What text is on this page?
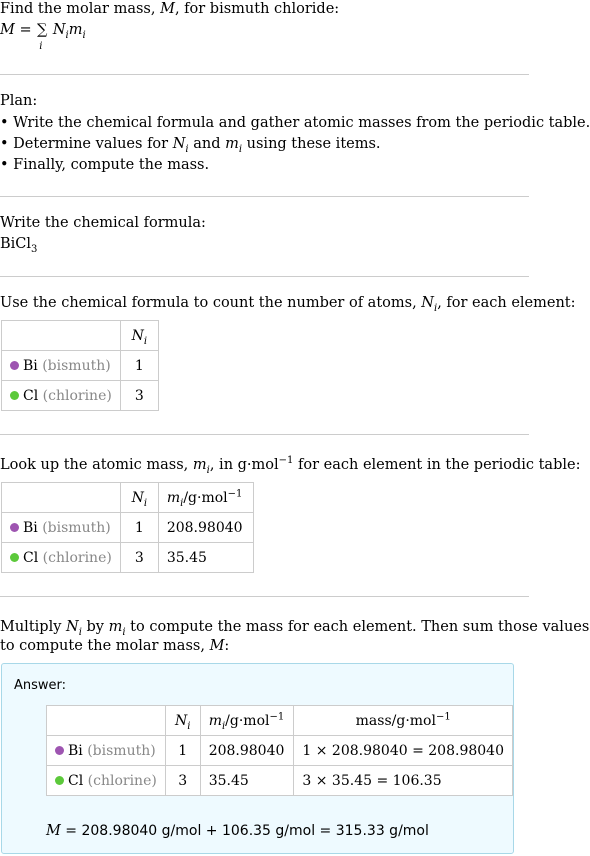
Find the molar mass, M, for bismuth chloride:
M = ∑
i
$N_im_i$
Plan:
• Write the chemical formula and gather atomic masses from the periodic table.
• Determine values for $N_i$ and $m_i$ using these items.
• Finally, compute the mass.
Write the chemical formula:
BiCl$_3$
Use the chemical formula to count the number of atoms, $N_i$, for each element:
	$N_i$
Bi (bismuth)	1
Cl (chlorine)	3
Look up the atomic mass, $m_i$, in g·mol$^{-1}$ for each element in the periodic table:
	$N_i$	$m_i/g\cdot mol^{-1}$
Bi (bismuth)	1	208.98040
Cl (chlorine)	3	35.45
Multiply $N_i$ by $m_i$ to compute the mass for each element. Then sum those values
to compute the molar mass, M:
Answer:
	$N_i$	$m_i/g\cdot mol^{-1}$	mass/g·mol$^{-1}$
Bi (bismuth)	1	208.98040	1 × 208.98040 = 208.98040
Cl (chlorine)	3	35.45	3 × 35.45 = 106.35
M = 208.98040 g/mol + 106.35 g/mol = 315.33 g/mol
